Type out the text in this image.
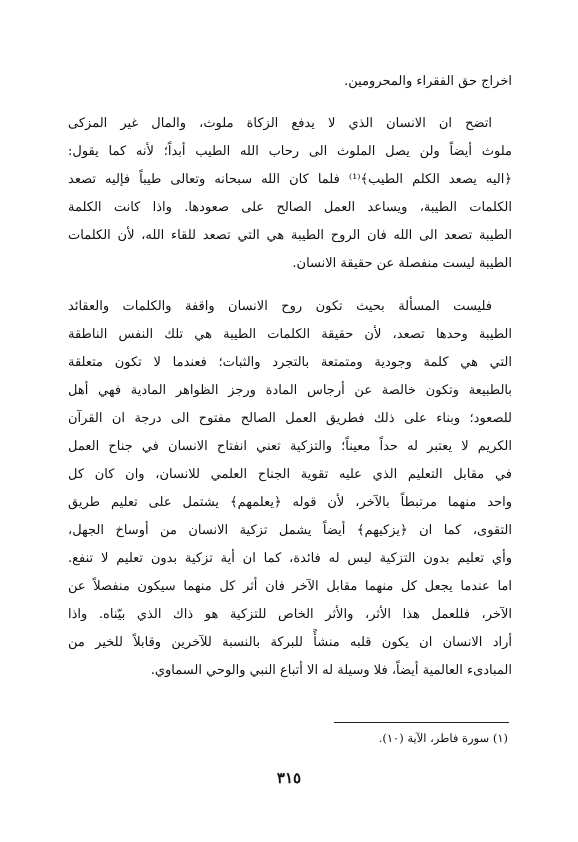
اخراج حق الفقراء والمحرومين.
اتضح ان الانسان الذي لا يدفع الزكاة ملوث، والمال غير المزكى
ملوث أيضاً ولن يصل الملوث الى رحاب الله الطيب أبداً؛ لأنه كما يقول:
﴿اليه يصعد الكلم الطيب﴾⁽¹⁾ فلما كان الله سبحانه وتعالى طيباً فإليه تصعد
الكلمات الطيبة، ويساعد العمل الصالح على صعودها. واذا كانت الكلمة
الطيبة تصعد الى الله فان الروح الطيبة هي التي تصعد للقاء الله، لأن الكلمات
الطيبة ليست منفصلة عن حقيقة الانسان.
فليست المسألة بحيث تكون روح الانسان واقفة والكلمات والعقائد
الطيبة وحدها تصعد، لأن حقيقة الكلمات الطيبة هي تلك النفس الناطقة
التي هي كلمة وجودية ومتمتعة بالتجرد والثبات؛ فعندما لا تكون متعلقة
بالطبيعة وتكون خالصة عن أرجاس المادة ورجز الظواهر المادية فهي أهل
للصعود؛ وبناء على ذلك فطريق العمل الصالح مفتوح الى درجة ان القرآن
الكريم لا يعتبر له حداً معيناً؛ والتزكية تعني انفتاح الانسان في جناح العمل
في مقابل التعليم الذي عليه تقوية الجناح العلمي للانسان، وان كان كل
واحد منهما مرتبطاً بالآخر، لأن قوله ﴿يعلمهم﴾ يشتمل على تعليم طريق
التقوى، كما ان ﴿يزكيهم﴾ أيضاً يشمل تزكية الانسان من أوساخ الجهل،
وأي تعليم بدون التزكية ليس له فائدة، كما ان أية تزكية بدون تعليم لا تنفع.
اما عندما يجعل كل منهما مقابل الآخر فان أثر كل منهما سيكون منفصلاً عن
الآخر، فللعمل هذا الأثر، والأثر الخاص للتزكية هو ذاك الذي بيّناه. واذا
أراد الانسان ان يكون قلبه منشأً للبركة بالنسبة للآخرين وقابلاً للخير من
المبادىء العالمية أيضاً، فلا وسيلة له الا أتباع النبي والوحي السماوي.
(١) سورة فاطر، الآية (١٠).
٣١٥
